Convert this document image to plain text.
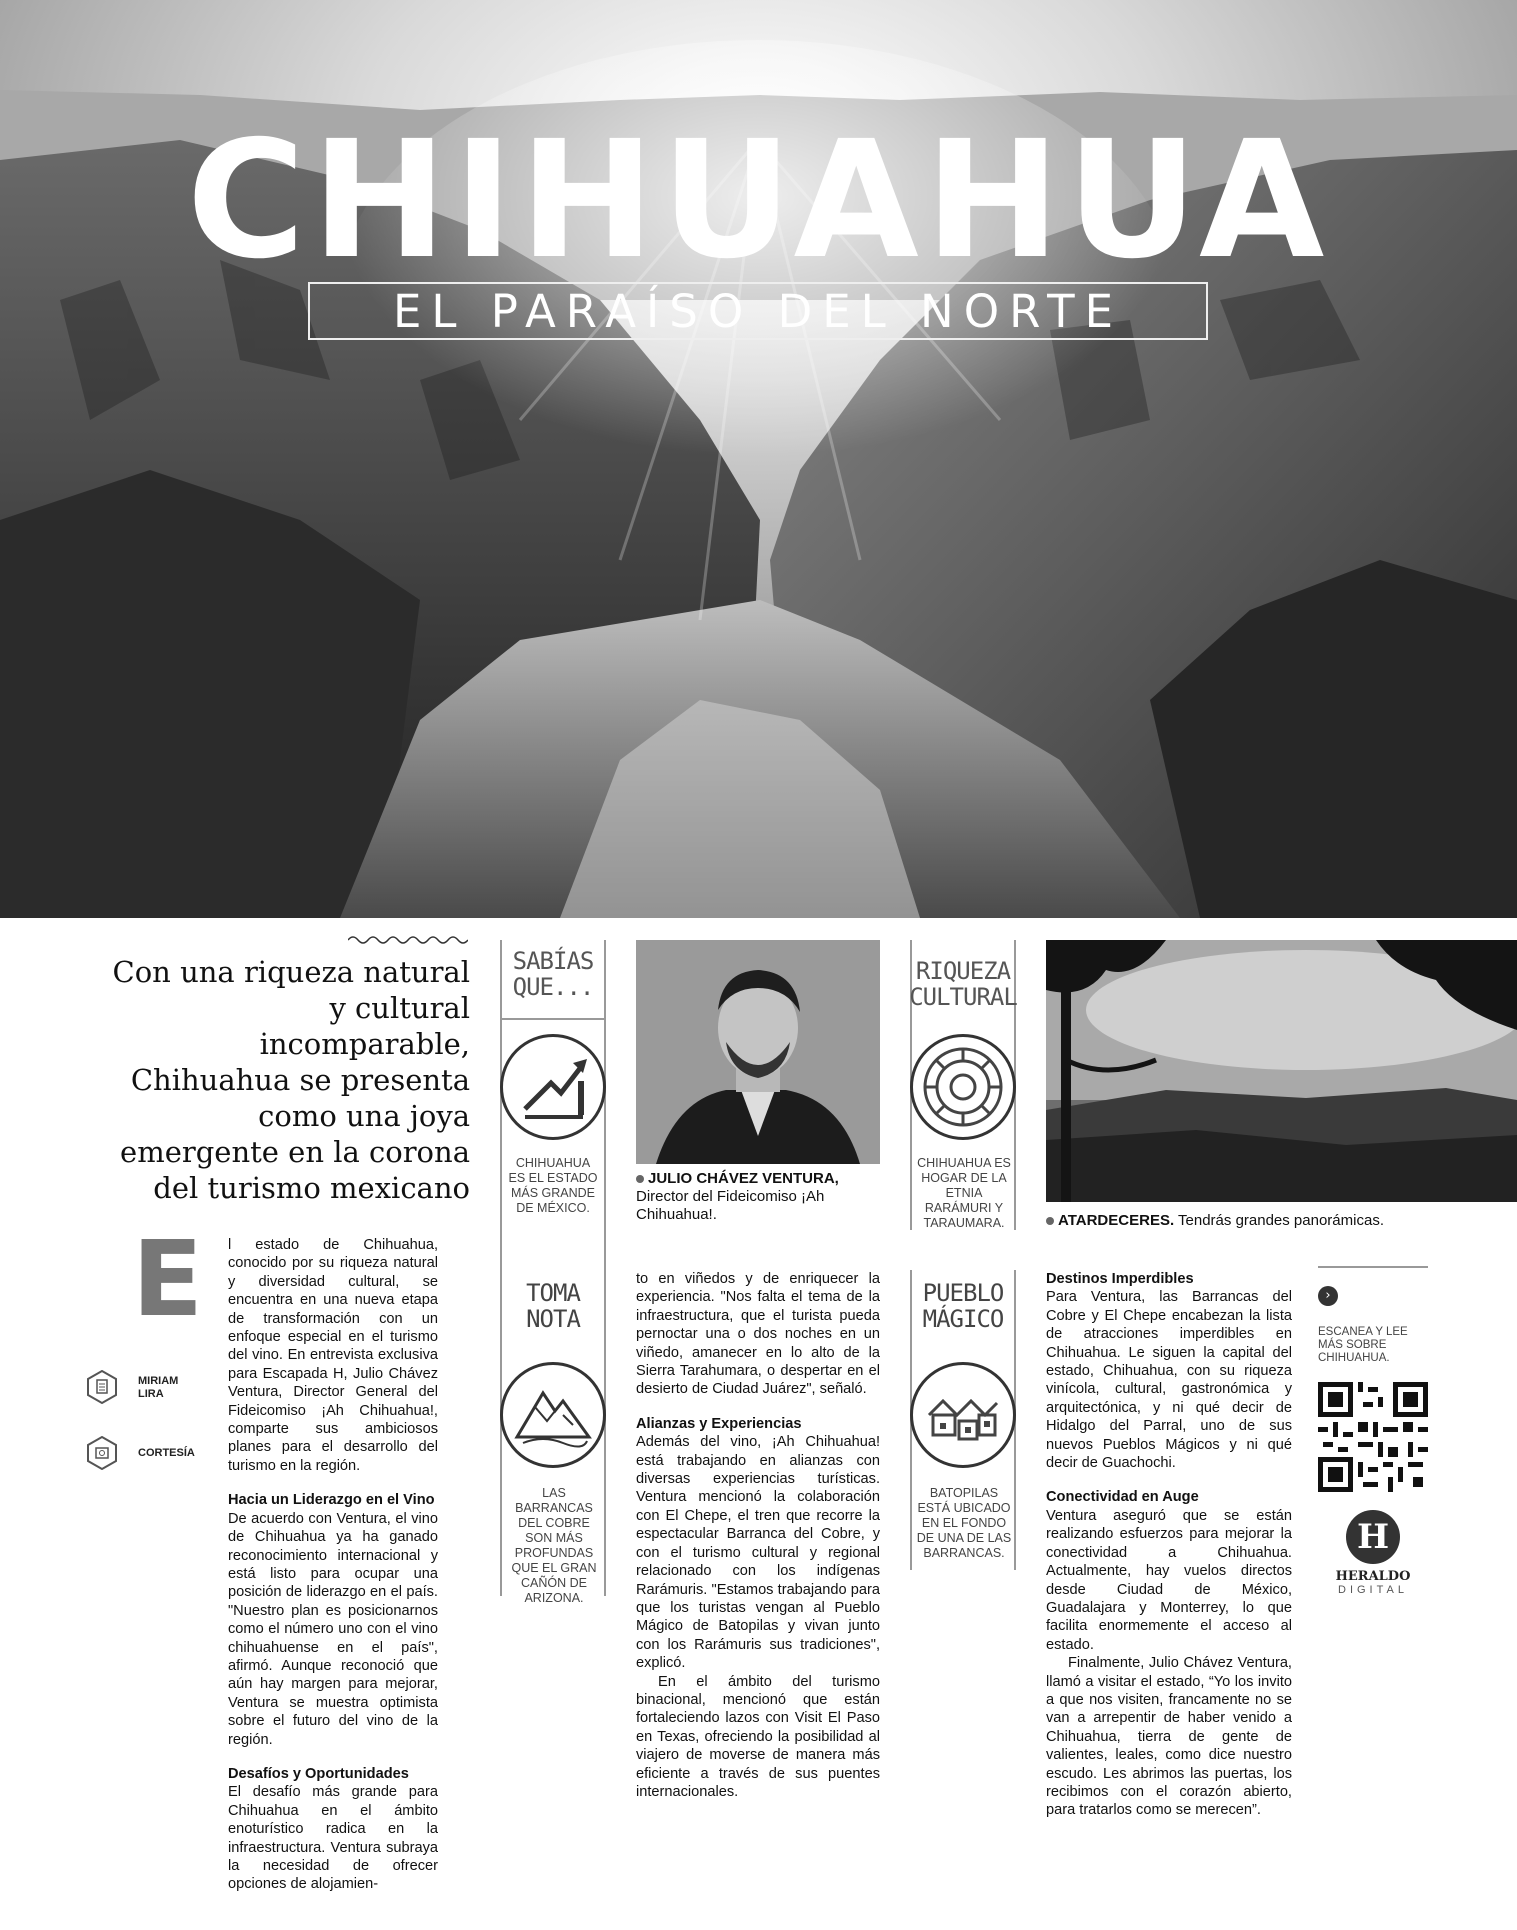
CHIHUAHUA
EL PARAÍSO DEL NORTE
Con una riqueza natural y cultural incomparable, Chihuahua se presenta como una joya emergente en la corona del turismo mexicano
E
MIRIAM LIRA
CORTESÍA

l estado de Chihuahua, conocido por su riqueza natural y diversidad cultural, se encuentra en una nueva etapa de transformación con un enfoque especial en el turismo del vino. En entrevista exclusiva para Escapada H, Julio Chávez Ventura, Director General del Fideicomiso ¡Ah Chihuahua!, comparte sus ambiciosos planes para el desarrollo del turismo en la región.

Hacia un Liderazgo en el Vino

De acuerdo con Ventura, el vino de Chihuahua ya ha ganado reconocimiento internacional y está listo para ocupar una posición de liderazgo en el país. "Nuestro plan es posicionarnos como el número uno con el vino chihuahuense en el país", afirmó. Aunque reconoció que aún hay margen para mejorar, Ventura se muestra optimista sobre el futuro del vino de la región.

Desafíos y Oportunidades

El desafío más grande para Chihuahua en el ámbito enoturístico radica en la infraestructura. Ventura subraya la necesidad de ofrecer opciones de alojamien-

SABÍAS
QUE...
CHIHUAHUA ES EL ESTADO MÁS GRANDE DE MÉXICO.
TOMA
NOTA
LAS BARRANCAS DEL COBRE SON MÁS PROFUNDAS QUE EL GRAN CAÑÓN DE ARIZONA.
JULIO CHÁVEZ VENTURA,
Director del Fideicomiso ¡Ah Chihuahua!.

to en viñedos y de enriquecer la experiencia. "Nos falta el tema de la infraestructura, que el turista pueda pernoctar una o dos noches en un viñedo, amanecer en lo alto de la Sierra Tarahumara, o despertar en el desierto de Ciudad Juárez", señaló.

Alianzas y Experiencias

Además del vino, ¡Ah Chihuahua! está trabajando en alianzas con diversas experiencias turísticas. Ventura mencionó la colaboración con El Chepe, el tren que recorre la espectacular Barranca del Cobre, y con el turismo cultural y regional relacionado con los indígenas Rarámuris. "Estamos trabajando para que los turistas vengan al Pueblo Mágico de Batopilas y vivan junto con los Rarámuris sus tradiciones", explicó.

En el ámbito del turismo binacional, mencionó que están fortaleciendo lazos con Visit El Paso en Texas, ofreciendo la posibilidad al viajero de moverse de manera más eficiente a través de sus puentes internacionales.

RIQUEZA
CULTURAL
CHIHUAHUA ES HOGAR DE LA ETNIA RARÁMURI Y TARAUMARA.
PUEBLO
MÁGICO
BATOPILAS ESTÁ UBICADO EN EL FONDO DE UNA DE LAS BARRANCAS.
ATARDECERES. Tendrás grandes panorámicas.
Destinos Imperdibles

Para Ventura, las Barrancas del Cobre y El Chepe encabezan la lista de atracciones imperdibles en Chihuahua. Le siguen la capital del estado, Chihuahua, con su riqueza vinícola, cultural, gastronómica y arquitectónica, y ni qué decir de Hidalgo del Parral, uno de sus nuevos Pueblos Mágicos y ni qué decir de Guachochi.

Conectividad en Auge

Ventura aseguró que se están realizando esfuerzos para mejorar la conectividad a Chihuahua. Actualmente, hay vuelos directos desde Ciudad de México, Guadalajara y Monterrey, lo que facilita enormemente el acceso al estado.

Finalmente, Julio Chávez Ventura, llamó a visitar el estado, “Yo los invito a que nos visiten, francamente no se van a arrepentir de haber venido a Chihuahua, tierra de gente de valientes, leales, como dice nuestro escudo. Les abrimos las puertas, los recibimos con el corazón abierto, para tratarlos como se merecen”.

›
ESCANEA Y LEE MÁS SOBRE CHIHUAHUA.
H
HERALDO
DIGITAL
